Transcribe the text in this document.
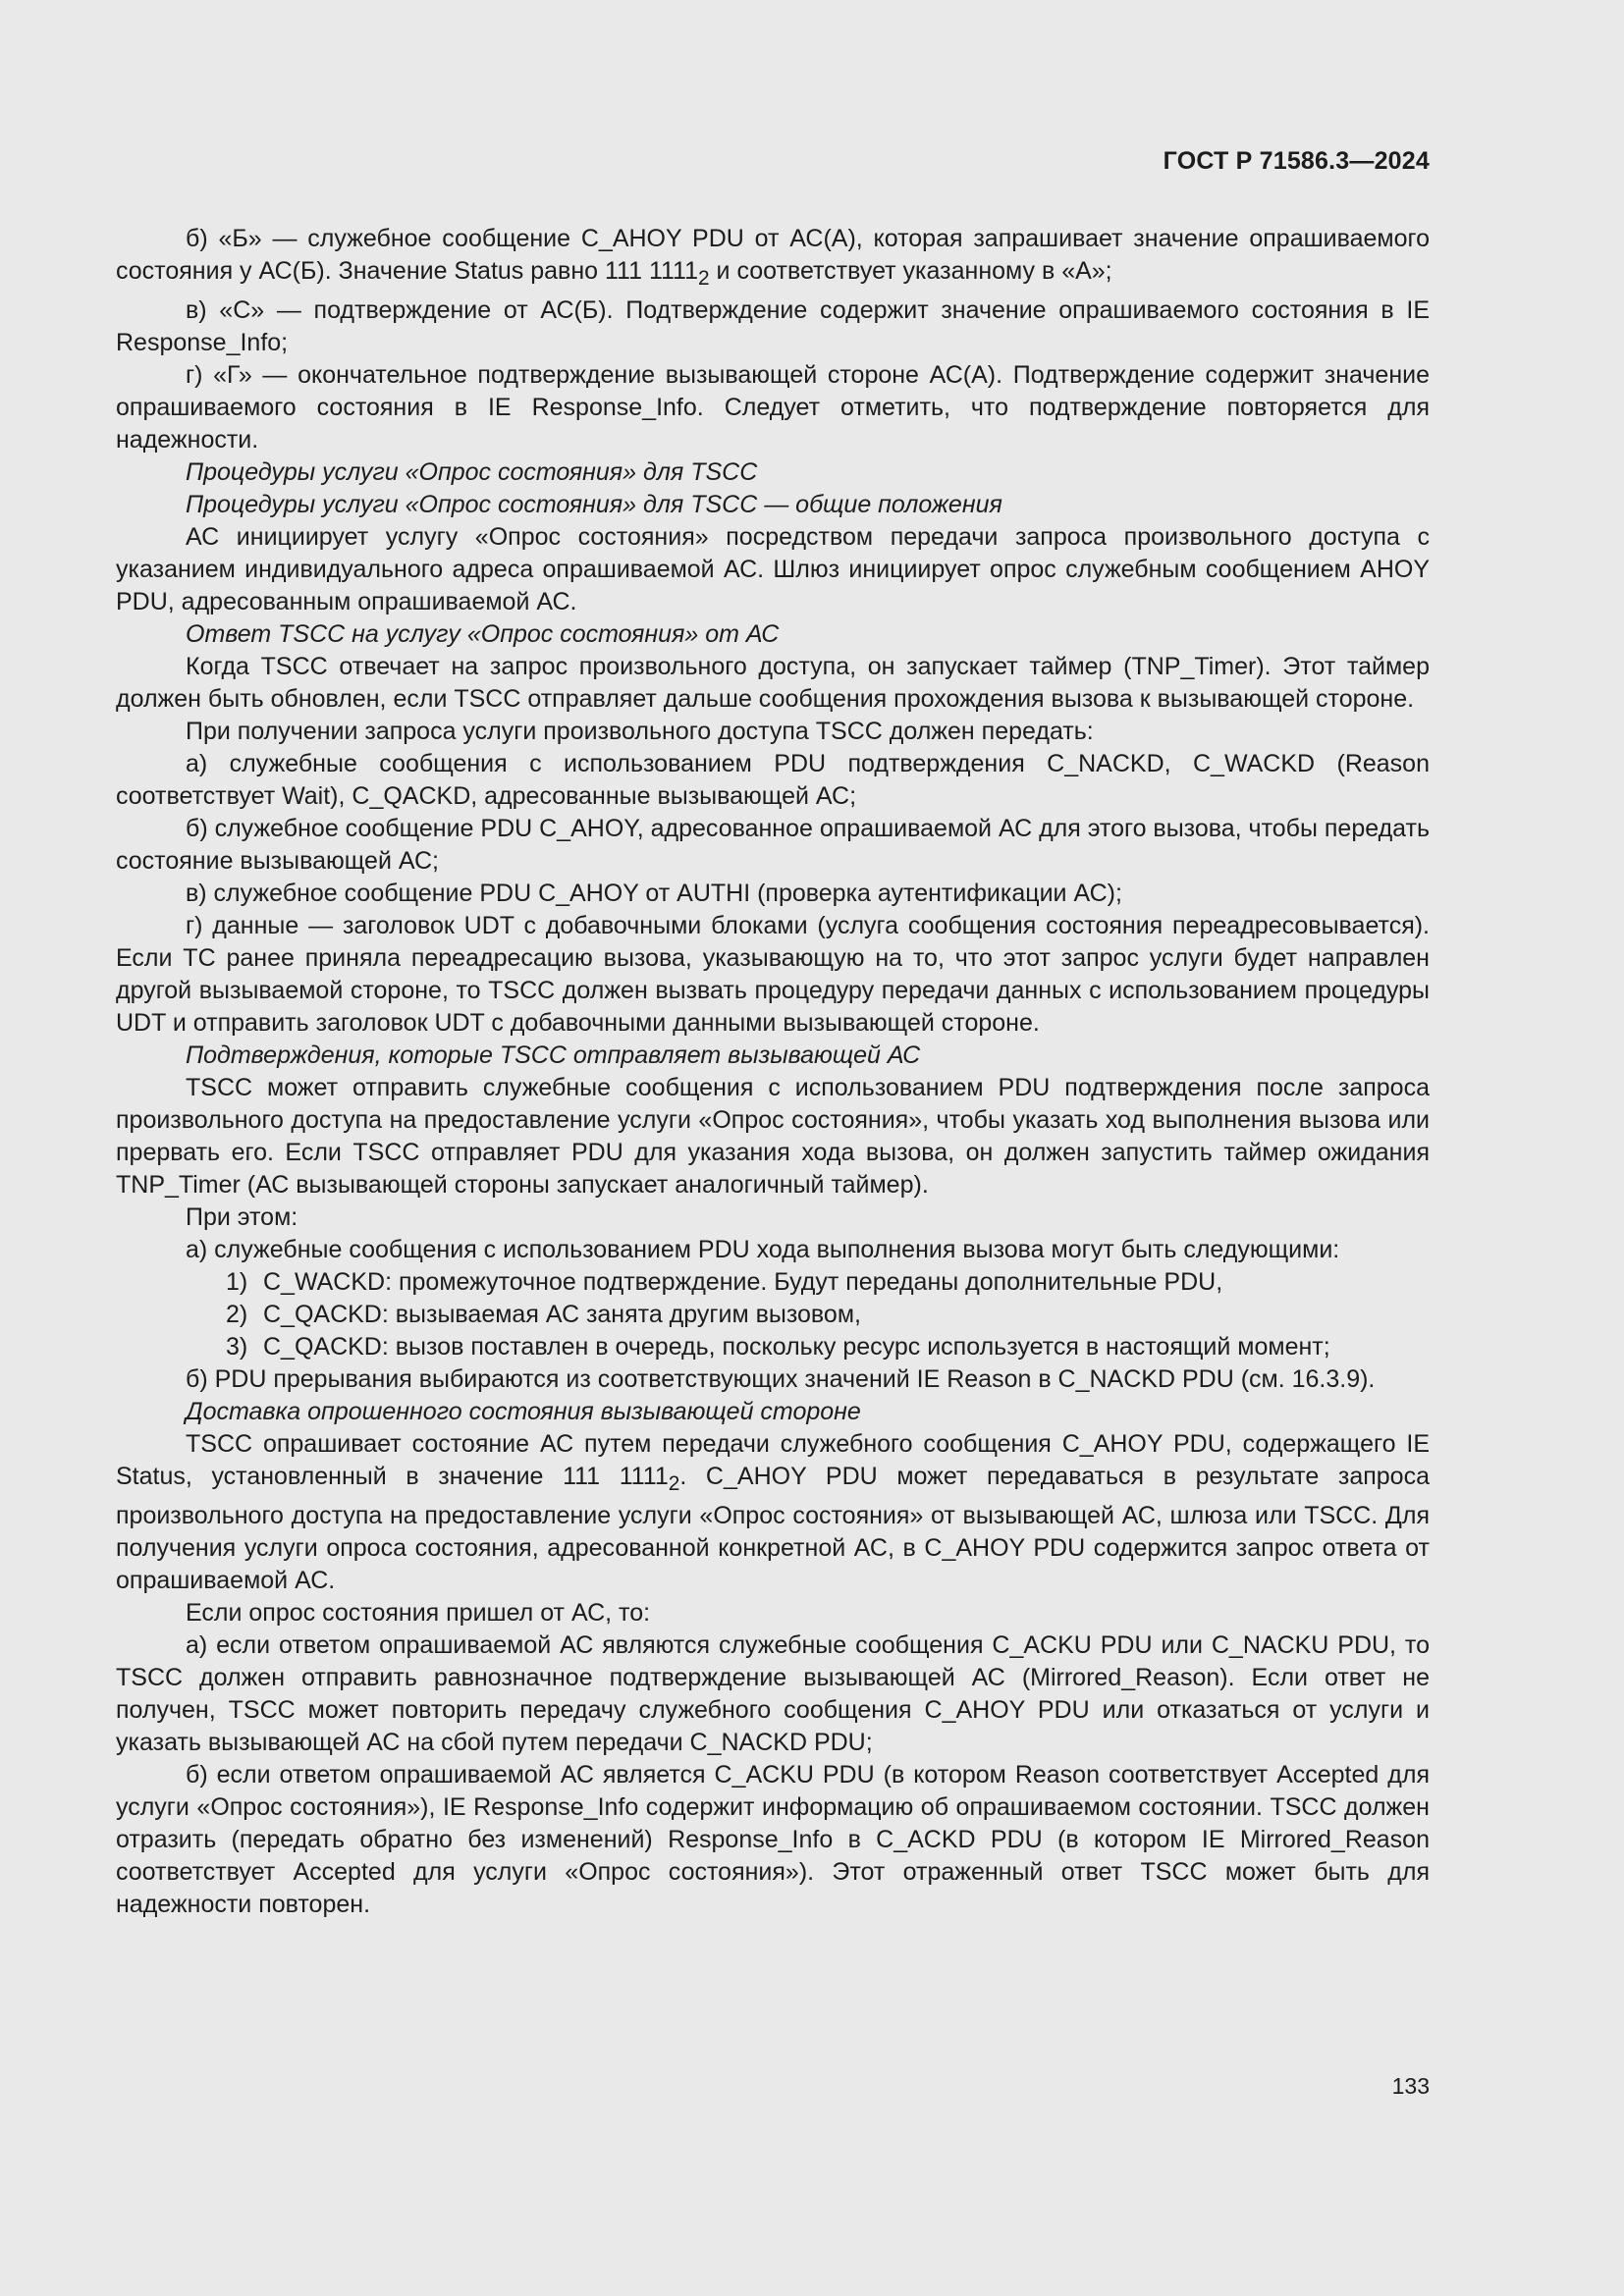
ГОСТ Р 71586.3—2024

б) «Б» — служебное сообщение С_AHOY PDU от АС(А), которая запрашивает значение опрашиваемого состояния у АС(Б). Значение Status равно 111 $1111_2$ и соответствует указанному в «А»;

в) «С» — подтверждение от АС(Б). Подтверждение содержит значение опрашиваемого состояния в IE Response_Info;

г) «Г» — окончательное подтверждение вызывающей стороне АС(А). Подтверждение содержит значение опрашиваемого состояния в IE Response_Info. Следует отметить, что подтверждение повторяется для надежности.

Процедуры услуги «Опрос состояния» для TSCC

Процедуры услуги «Опрос состояния» для TSCC — общие положения

АС инициирует услугу «Опрос состояния» посредством передачи запроса произвольного доступа с указанием индивидуального адреса опрашиваемой АС. Шлюз инициирует опрос служебным сообщением AHOY PDU, адресованным опрашиваемой АС.

Ответ TSCC на услугу «Опрос состояния» от АС

Когда TSCC отвечает на запрос произвольного доступа, он запускает таймер (TNP_Timer). Этот таймер должен быть обновлен, если TSCC отправляет дальше сообщения прохождения вызова к вызывающей стороне.

При получении запроса услуги произвольного доступа TSCC должен передать:

а) служебные сообщения с использованием PDU подтверждения C_NACKD, C_WACKD (Reason соответствует Wait), C_QACKD, адресованные вызывающей АС;

б) служебное сообщение PDU C_AHOY, адресованное опрашиваемой АС для этого вызова, чтобы передать состояние вызывающей АС;

в) служебное сообщение PDU C_AHOY от AUTHI (проверка аутентификации АС);

г) данные — заголовок UDT с добавочными блоками (услуга сообщения состояния переадресовывается). Если ТС ранее приняла переадресацию вызова, указывающую на то, что этот запрос услуги будет направлен другой вызываемой стороне, то TSCC должен вызвать процедуру передачи данных с использованием процедуры UDT и отправить заголовок UDT с добавочными данными вызывающей стороне.

Подтверждения, которые TSCC отправляет вызывающей АС

TSCC может отправить служебные сообщения с использованием PDU подтверждения после запроса произвольного доступа на предоставление услуги «Опрос состояния», чтобы указать ход выполнения вызова или прервать его. Если TSCC отправляет PDU для указания хода вызова, он должен запустить таймер ожидания TNP_Timer (АС вызывающей стороны запускает аналогичный таймер).

При этом:

а) служебные сообщения с использованием PDU хода выполнения вызова могут быть следующими:

1) C_WACKD: промежуточное подтверждение. Будут переданы дополнительные PDU,

2) C_QACKD: вызываемая АС занята другим вызовом,

3) C_QACKD: вызов поставлен в очередь, поскольку ресурс используется в настоящий момент;

б) PDU прерывания выбираются из соответствующих значений IE Reason в C_NACKD PDU (см. 16.3.9).

Доставка опрошенного состояния вызывающей стороне

TSCC опрашивает состояние АС путем передачи служебного сообщения C_AHOY PDU, содержащего IE Status, установленный в значение 111 $1111_2$. C_AHOY PDU может передаваться в результате запроса произвольного доступа на предоставление услуги «Опрос состояния» от вызывающей АС, шлюза или TSCC. Для получения услуги опроса состояния, адресованной конкретной АС, в C_AHOY PDU содержится запрос ответа от опрашиваемой АС.

Если опрос состояния пришел от АС, то:

а) если ответом опрашиваемой АС являются служебные сообщения C_ACKU PDU или C_NACKU PDU, то TSCC должен отправить равнозначное подтверждение вызывающей АС (Mirrored_Reason). Если ответ не получен, TSCC может повторить передачу служебного сообщения C_AHOY PDU или отказаться от услуги и указать вызывающей АС на сбой путем передачи C_NACKD PDU;

б) если ответом опрашиваемой АС является C_ACKU PDU (в котором Reason соответствует Accepted для услуги «Опрос состояния»), IE Response_Info содержит информацию об опрашиваемом состоянии. TSCC должен отразить (передать обратно без изменений) Response_Info в C_ACKD PDU (в котором IE Mirrored_Reason соответствует Accepted для услуги «Опрос состояния»). Этот отраженный ответ TSCC может быть для надежности повторен.

133
